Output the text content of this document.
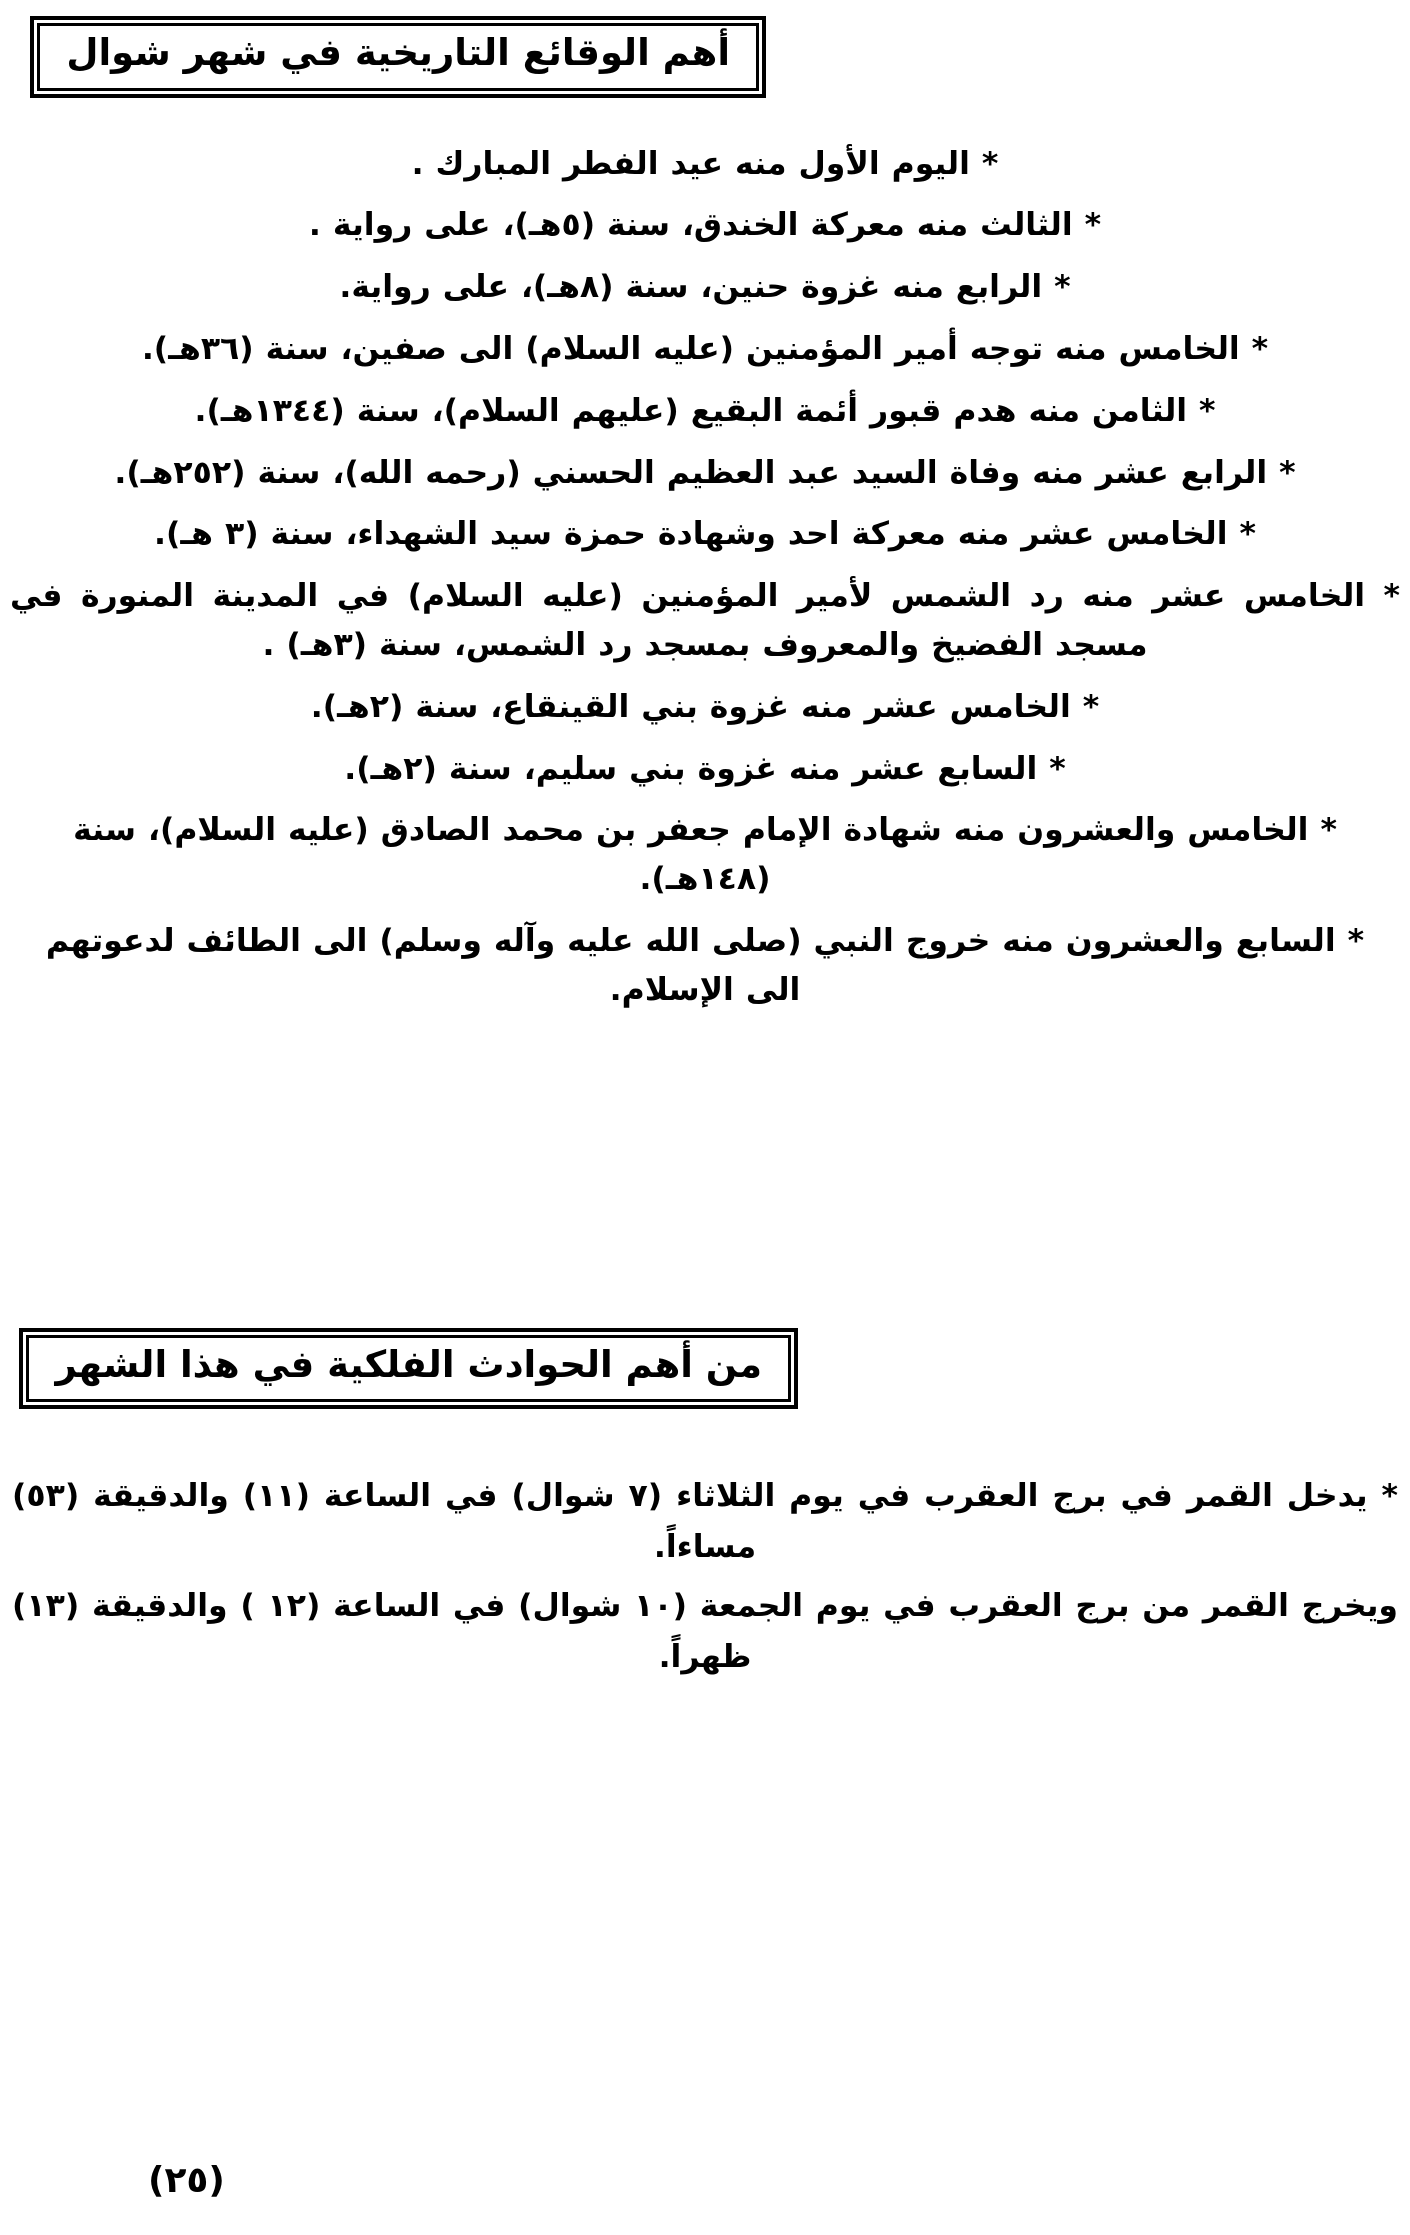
أهم الوقائع التاريخية في شهر شوال
* اليوم الأول منه عيد الفطر المبارك .
* الثالث منه معركة الخندق، سنة (٥هـ)، على رواية .
* الرابع منه غزوة حنين، سنة (٨هـ)، على رواية.
* الخامس منه توجه أمير المؤمنين (عليه السلام) الى صفين، سنة (٣٦هـ).
* الثامن منه هدم قبور أئمة البقيع (عليهم السلام)، سنة (١٣٤٤هـ).
* الرابع عشر منه وفاة السيد عبد العظيم الحسني (رحمه الله)، سنة (٢٥٢هـ).
* الخامس عشر منه معركة احد وشهادة حمزة سيد الشهداء، سنة (٣ هـ).
* الخامس عشر منه رد الشمس لأمير المؤمنين (عليه السلام) في المدينة المنورة في مسجد الفضيخ والمعروف بمسجد رد الشمس، سنة (٣هـ) .
* الخامس عشر منه غزوة بني القينقاع، سنة (٢هـ).
* السابع عشر منه غزوة بني سليم، سنة (٢هـ).
* الخامس والعشرون منه شهادة الإمام جعفر بن محمد الصادق (عليه السلام)، سنة (١٤٨هـ).
* السابع والعشرون منه خروج النبي (صلى الله عليه وآله وسلم) الى الطائف لدعوتهم الى الإسلام.
من أهم الحوادث الفلكية في هذا الشهر

* يدخل القمر في برج العقرب في يوم الثلاثاء (٧ شوال) في الساعة (١١) والدقيقة (٥٣) مساءاً.

ويخرج القمر من برج العقرب في يوم الجمعة (١٠ شوال) في الساعة (١٢ ) والدقيقة (١٣) ظهراً.

(٢٥)
